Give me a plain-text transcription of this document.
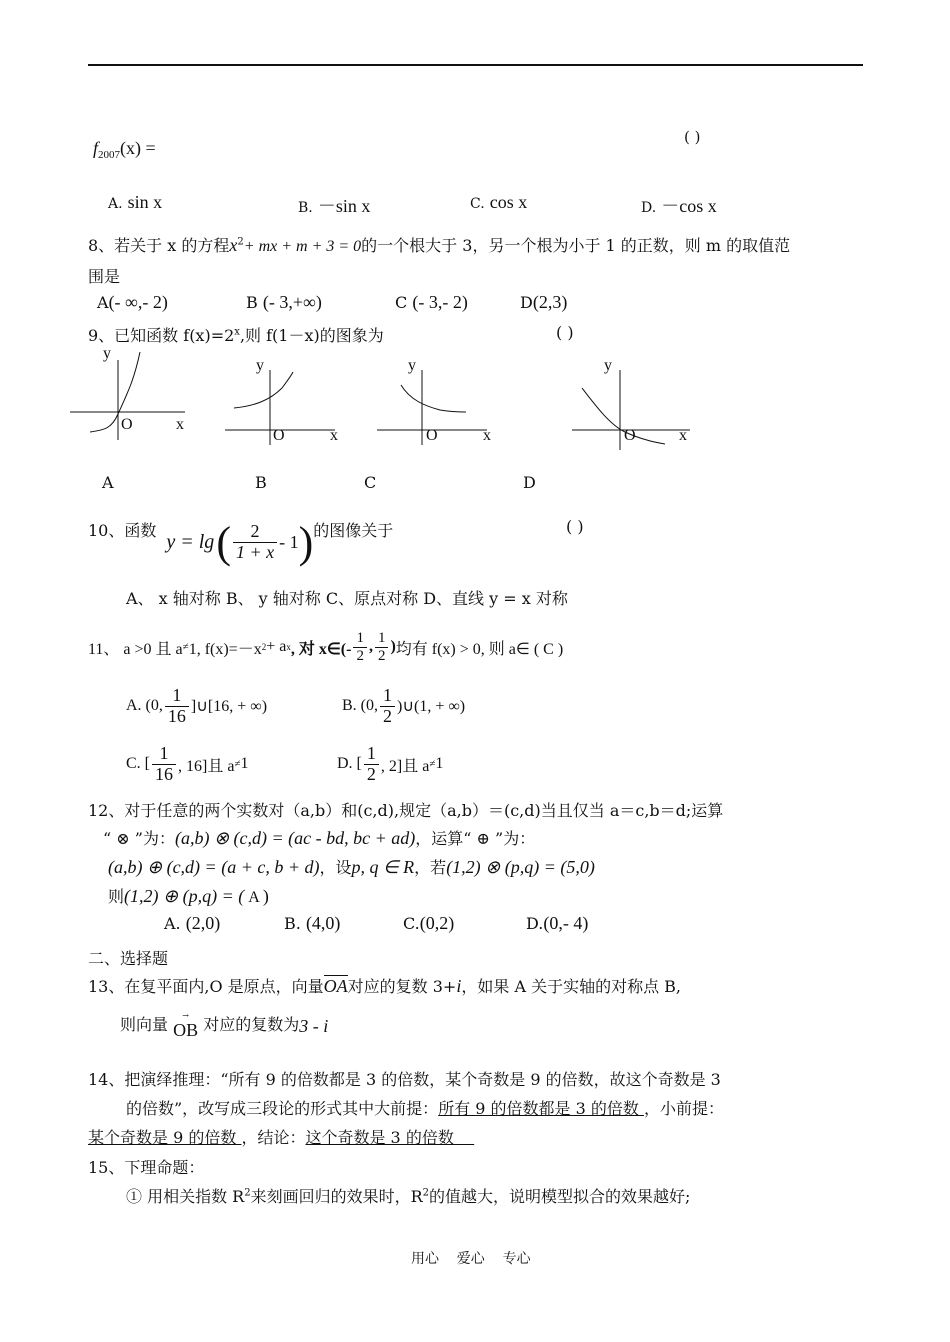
$f_{2007}(x)$ =
( )
A. sin x	B. －sin x	C. cos x	D. －cos x
8、若关于 x 的方程$x^2+$ mx + m + 3 = 0的一个根大于 3，另一个根为小于 1 的正数，则 m 的取值范
围是
A(- ∞,- 2)	B (- 3,+∞)	C (- 3,- 2)	D(2,3)
9、已知函数 $f(x)=2^x$,则 f(1－x)的图象为	( )
y
x
O
y
x
O
y
x
O
y
x
O
A	B	C	D
10、函数
y = lg ( $\frac{2}{1 + x} - 1$ ) 的图像关于	( )
A、 x 轴对称 B、 y 轴对称 C、原点对称 D、直线 y = x 对称
11、 a >0 且 a ≠ 1, f(x)=－x 2 + a x , 对 x∈(- $\frac{1}{2}$ , $\frac{1}{2}$ ) 均有 f(x) > 0, 则 a∈ ( C )
A. (0, $\frac{1}{16}$ ]∪[16, + ∞)	B. (0, $\frac{1}{2}$ )∪(1, + ∞)
C. [ $\frac{1}{16}$ , 16]且 a ≠ 1	D. [ $\frac{1}{2}$ , 2]且 a ≠ 1
12、对于任意的两个实数对（a,b）和(c,d),规定（a,b）＝(c,d)当且仅当 a＝c,b＝d;运算
“ ⊗ ”为：(a,b) ⊗ (c,d) = (ac - bd, bc + ad)，运算“ ⊕ ”为：
(a,b) ⊕ (c,d) = (a + c, b + d)，设p, q ∈ R，若(1,2) ⊗ (p,q) = (5,0)
则(1,2) ⊕ (p,q) = ( A )
A. (2,0)	B. (4,0)	C.(0,2)	D.(0,- 4)
二、选择题
13、在复平面内,O 是原点，向量OA对应的复数 3+i，如果 A 关于实轴的对称点 B,
则向量	→
OB 对应的复数为3 - i
14、把演绎推理：“所有 9 的倍数都是 3 的倍数，某个奇数是 9 的倍数，故这个奇数是 3
的倍数”，改写成三段论的形式其中大前提：所有 9 的倍数都是 3 的倍数 ，小前提：
某个奇数是 9 的倍数 ，结论：这个奇数是 3 的倍数
15、下理命题：
① 用相关指数 $R^2$来刻画回归的效果时，$R^2$的值越大，说明模型拟合的效果越好;
用心    爱心    专心
